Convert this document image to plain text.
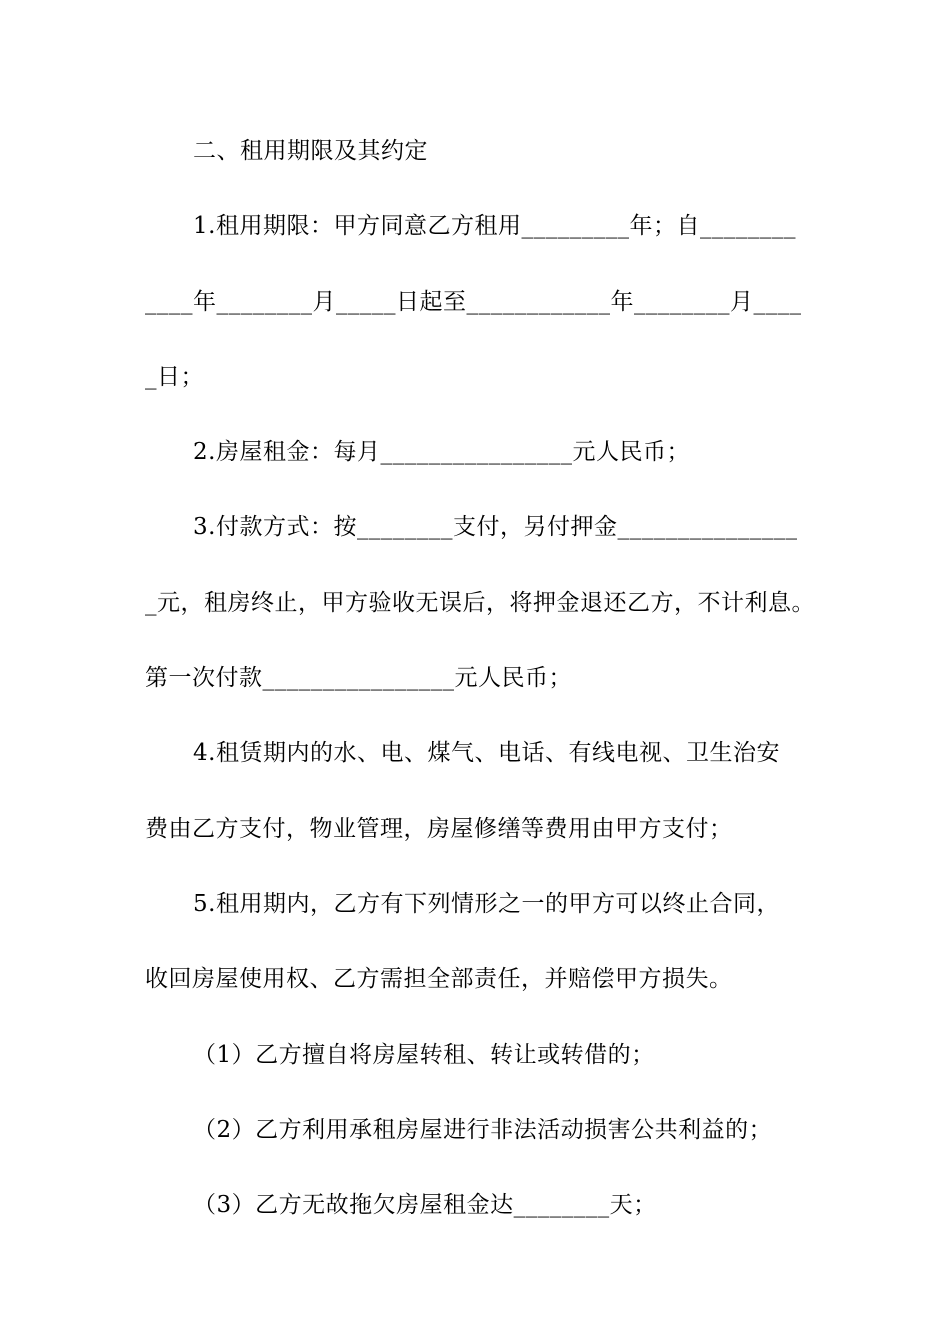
二、租用期限及其约定
1.租用期限：甲方同意乙方租用_________年；自________
____年________月_____日起至____________年________月____
_日；
2.房屋租金：每月________________元人民币；
3.付款方式：按________支付，另付押金_______________
_元，租房终止，甲方验收无误后，将押金退还乙方，不计利息。
第一次付款________________元人民币；
4.租赁期内的水、电、煤气、电话、有线电视、卫生治安
费由乙方支付，物业管理，房屋修缮等费用由甲方支付；
5.租用期内，乙方有下列情形之一的甲方可以终止合同，
收回房屋使用权、乙方需担全部责任，并赔偿甲方损失。
（1）乙方擅自将房屋转租、转让或转借的；
（2）乙方利用承租房屋进行非法活动损害公共利益的；
（3）乙方无故拖欠房屋租金达________天；
